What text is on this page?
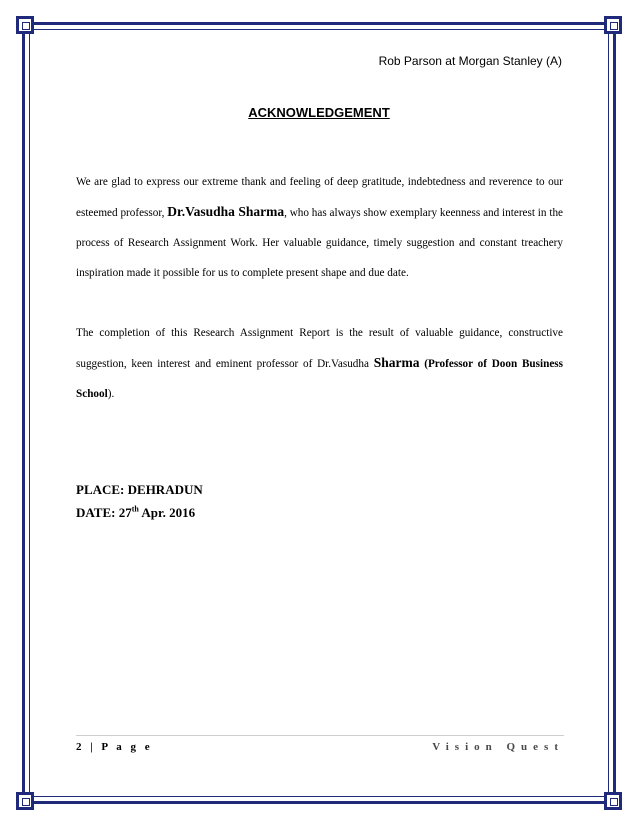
Rob Parson at Morgan Stanley (A)
ACKNOWLEDGEMENT

We are glad to express our extreme thank and feeling of deep gratitude, indebtedness and reverence to our esteemed professor, Dr.Vasudha Sharma, who has always show exemplary keenness and interest in the process of Research Assignment Work. Her valuable guidance, timely suggestion and constant treachery inspiration made it possible for us to complete present shape and due date.

The completion of this Research Assignment Report is the result of valuable guidance, constructive suggestion, keen interest and eminent professor of Dr.Vasudha Sharma (Professor of Doon Business School).

PLACE: DEHRADUN
DATE: 27th Apr. 2016
2 | P a g e	Vision Quest
